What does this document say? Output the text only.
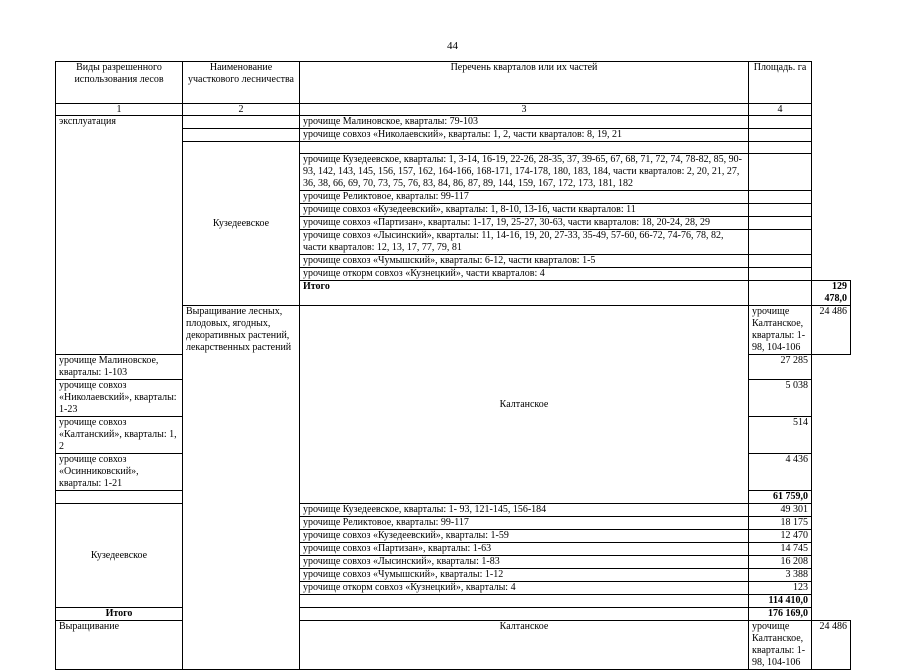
44
Виды разрешенного использования лесов	Наименование участкового лесничества	Перечень кварталов или их частей	Площадь. га	
1	2	3	4	
эксплуатация		урочище Малиновское, кварталы: 79-103		
		урочище совхоз «Николаевский», кварталы: 1, 2, части кварталов: 8, 19, 21		
	Кузедеевское			
		урочище Кузедеевское, кварталы: 1, 3-14, 16-19, 22-26, 28-35, 37, 39-65, 67, 68, 71, 72, 74, 78-82, 85, 90-93, 142, 143, 145, 156, 157, 162, 164-166, 168-171, 174-178, 180, 183, 184, части кварталов: 2, 20, 21, 27, 36, 38, 66, 69, 70, 73, 75, 76, 83, 84, 86, 87, 89, 144, 159, 167, 172, 173, 181, 182		
		урочище Реликтовое, кварталы: 99-117		
		урочище совхоз «Кузедеевский», кварталы: 1, 8-10, 13-16, части кварталов: 11		
		урочище совхоз «Партизан», кварталы: 1-17, 19, 25-27, 30-63, части кварталов: 18, 20-24, 28, 29		
		урочище совхоз «Лысинский», кварталы: 11, 14-16, 19, 20, 27-33, 35-49, 57-60, 66-72, 74-76, 78, 82, части кварталов: 12, 13, 17, 77, 79, 81		
		урочище совхоз «Чумышский», кварталы: 6-12, части кварталов: 1-5		
		урочище откорм совхоз «Кузнецкий», части кварталов: 4		
		Итого		129 478,0
	Выращивание лесных, плодовых, ягодных, декоративных растений, лекарственных растений	Калтанское	урочище Калтанское, кварталы: 1-98, 104-106	24 486
урочище Малиновское, кварталы: 1-103			27 285	
урочище совхоз «Николаевский», кварталы: 1-23			5 038	
урочище совхоз «Калтанский», кварталы: 1, 2			514	
урочище совхоз «Осинниковский», кварталы: 1-21			4 436	
			61 759,0	
Кузедеевское		урочище Кузедеевское, кварталы: 1- 93, 121-145, 156-184	49 301	
		урочище Реликтовое, кварталы: 99-117	18 175	
		урочище совхоз «Кузедеевский», кварталы: 1-59	12 470	
		урочище совхоз «Партизан», кварталы: 1-63	14 745	
		урочище совхоз «Лысинский», кварталы: 1-83	16 208	
		урочище совхоз «Чумышский», кварталы: 1-12	3 388	
		урочище откорм совхоз «Кузнецкий», кварталы: 4	123	
			114 410,0	
Итого			176 169,0	
Выращивание		Калтанское	урочище Калтанское, кварталы: 1-98, 104-106	24 486
